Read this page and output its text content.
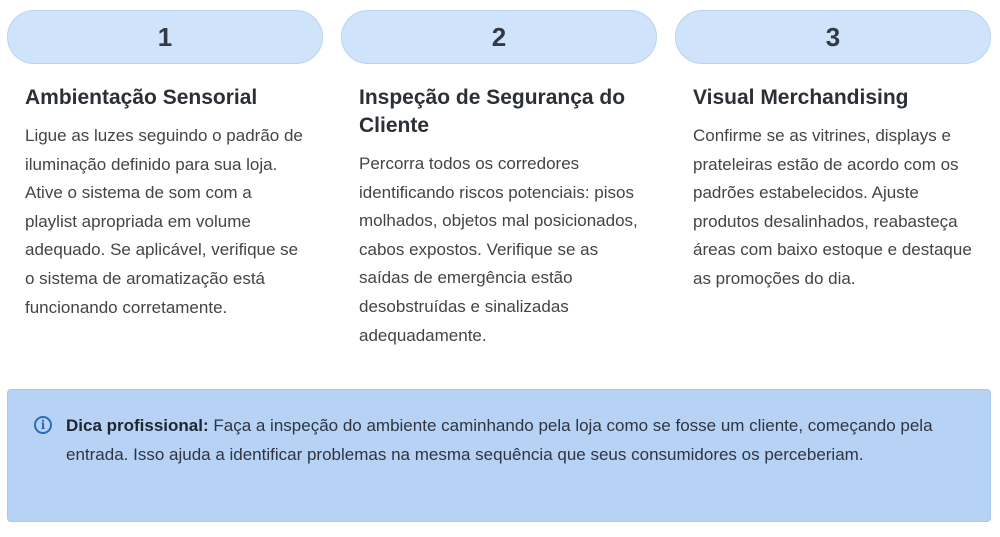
1
Ambientação Sensorial
Ligue as luzes seguindo o padrão de iluminação definido para sua loja. Ative o sistema de som com a playlist apropriada em volume adequado. Se aplicável, verifique se o sistema de aromatização está funcionando corretamente.
2
Inspeção de Segurança do Cliente
Percorra todos os corredores identificando riscos potenciais: pisos molhados, objetos mal posicionados, cabos expostos. Verifique se as saídas de emergência estão desobstruídas e sinalizadas adequadamente.
3
Visual Merchandising
Confirme se as vitrines, displays e prateleiras estão de acordo com os padrões estabelecidos. Ajuste produtos desalinhados, reabasteça áreas com baixo estoque e destaque as promoções do dia.
i	Dica profissional: Faça a inspeção do ambiente caminhando pela loja como se fosse um cliente, começando pela entrada. Isso ajuda a identificar problemas na mesma sequência que seus consumidores os perceberiam.
